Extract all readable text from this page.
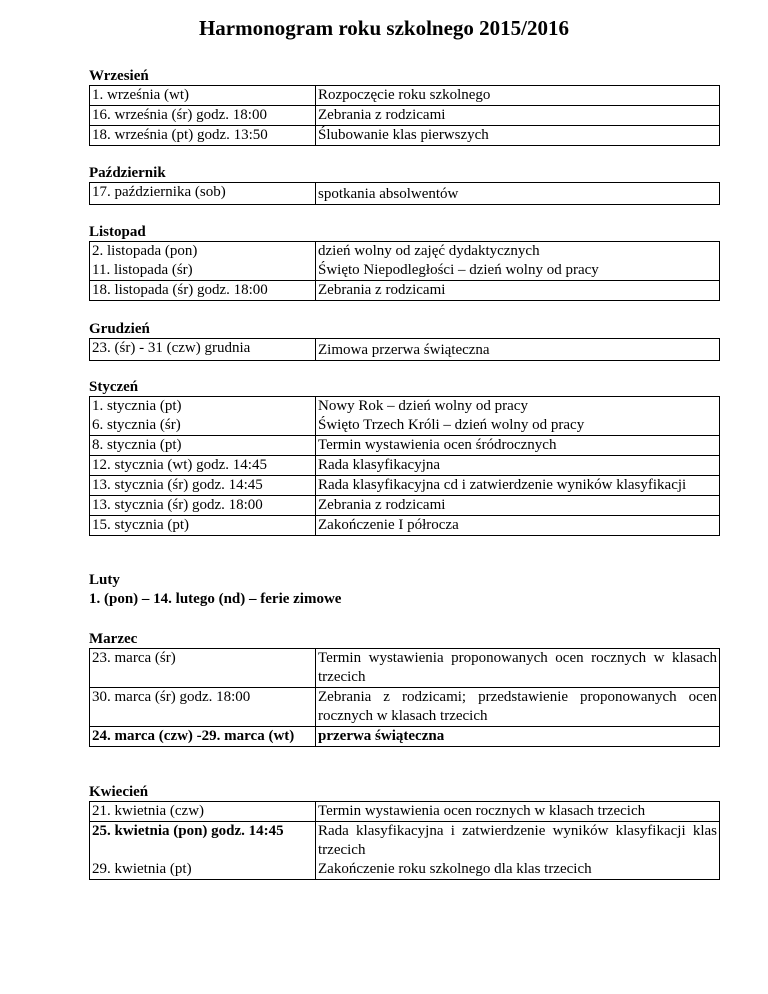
Harmonogram roku szkolnego 2015/2016
Wrzesień
1. września (wt)	Rozpoczęcie roku szkolnego
16. września (śr) godz. 18:00	Zebrania z rodzicami
18. września (pt) godz. 13:50	Ślubowanie klas pierwszych
Październik
17. października (sob)	spotkania absolwentów
Listopad
2. listopada (pon)	dzień wolny od zajęć dydaktycznych
11. listopada (śr)	Święto Niepodległości – dzień wolny od pracy
18. listopada (śr) godz. 18:00	Zebrania z rodzicami
Grudzień
23. (śr) - 31 (czw) grudnia	Zimowa przerwa świąteczna
Styczeń
1. stycznia (pt)	Nowy Rok – dzień wolny od pracy
6. stycznia (śr)	Święto Trzech Króli – dzień wolny od pracy
8. stycznia (pt)	Termin wystawienia ocen śródrocznych
12. stycznia (wt) godz. 14:45	Rada klasyfikacyjna
13. stycznia (śr) godz. 14:45	Rada klasyfikacyjna cd i zatwierdzenie wyników klasyfikacji
13. stycznia (śr) godz. 18:00	Zebrania z rodzicami
15. stycznia (pt)	Zakończenie I półrocza
Luty
1. (pon) – 14. lutego (nd) – ferie zimowe
Marzec
23. marca (śr)	Termin wystawienia proponowanych ocen rocznych w klasach trzecich
30. marca (śr) godz. 18:00	Zebrania z rodzicami; przedstawienie proponowanych ocen rocznych w klasach trzecich
24. marca (czw) -29. marca (wt)	przerwa świąteczna
Kwiecień
21. kwietnia (czw)	Termin wystawienia ocen rocznych w klasach trzecich
25. kwietnia (pon) godz. 14:45	Rada klasyfikacyjna i zatwierdzenie wyników klasyfikacji klas trzecich
29. kwietnia (pt)	Zakończenie roku szkolnego dla klas trzecich
